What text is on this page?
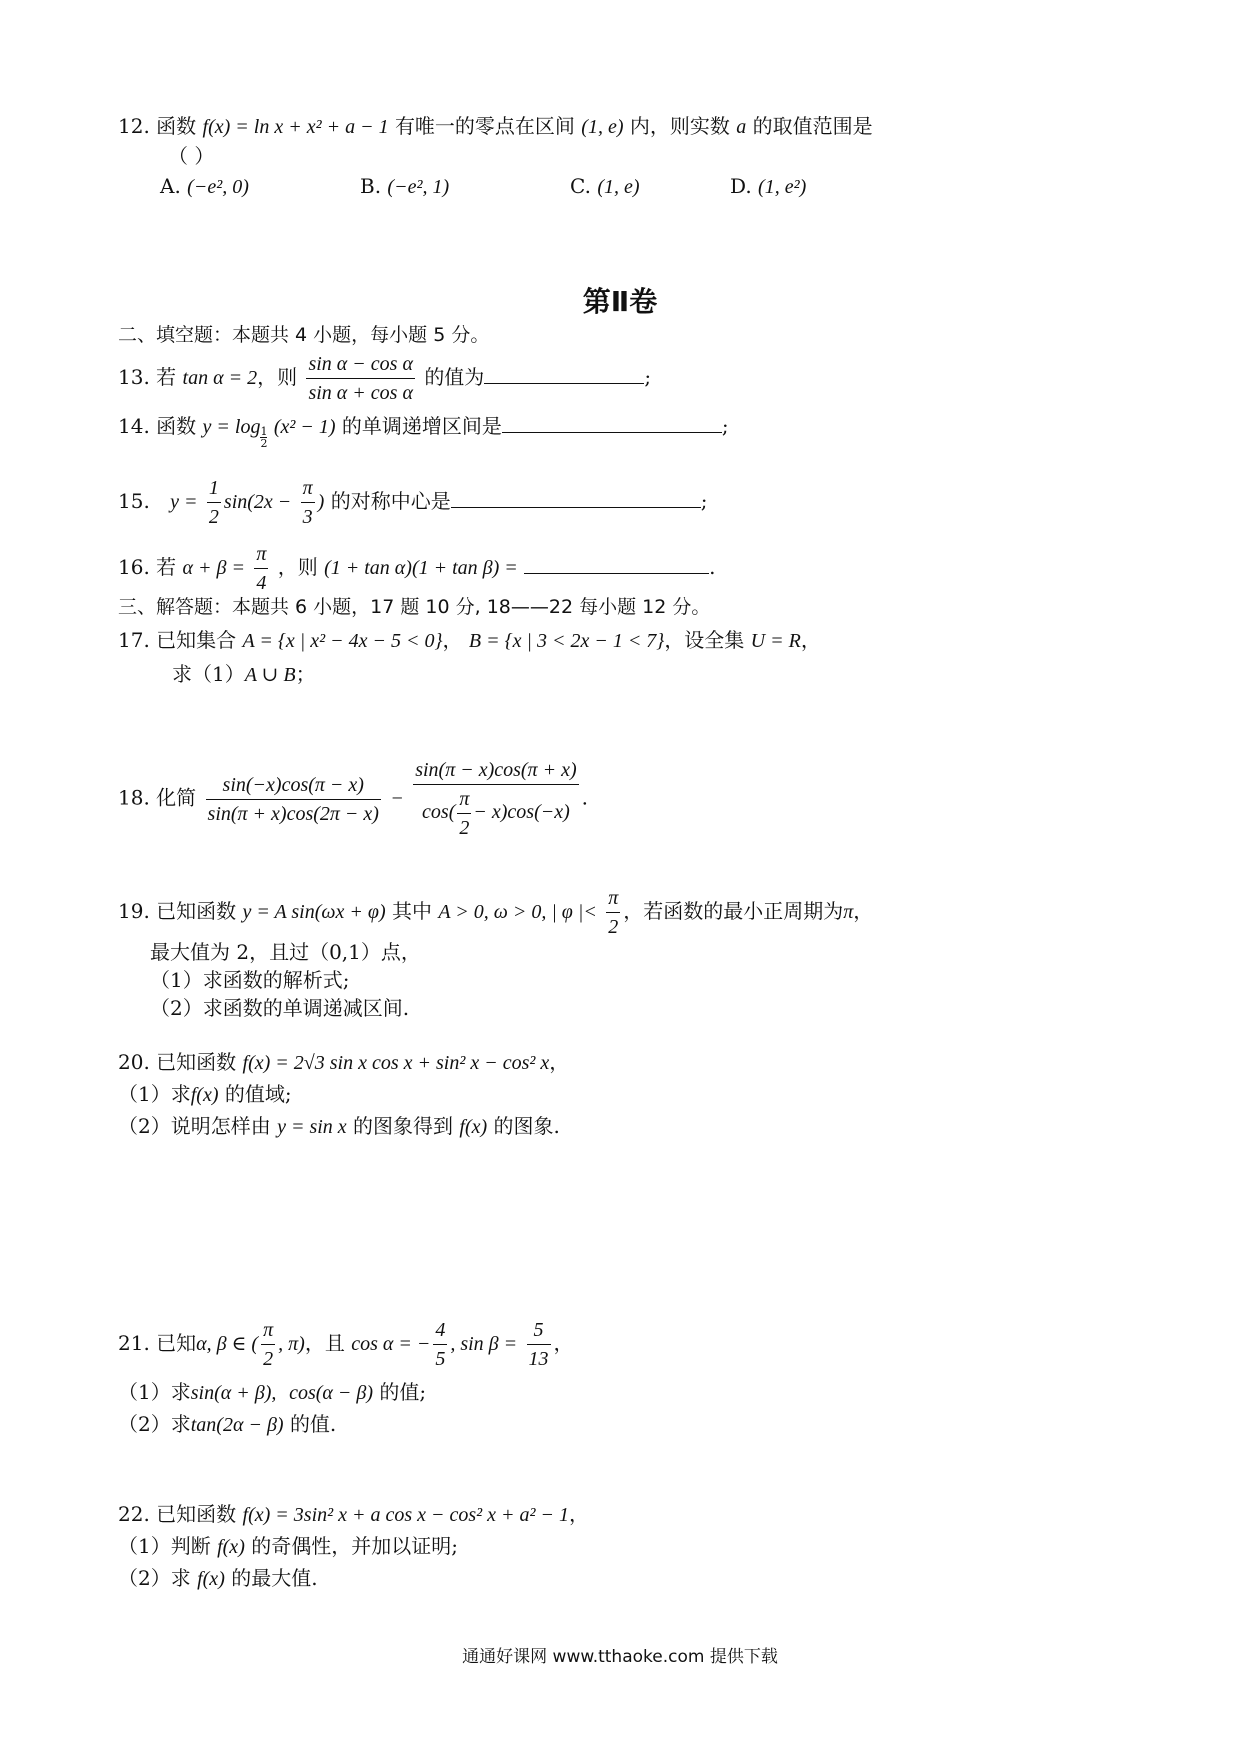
12. 函数 f(x) = ln x + x² + a − 1 有唯一的零点在区间 (1, e) 内，则实数 a 的取值范围是
（ ）
A. (−e², 0)	B. (−e², 1)	C. (1, e)	D. (1, e²)
第Ⅱ卷
二、填空题：本题共 4 小题，每小题 5 分。
13. 若 tan α = 2，则 $\frac{\text{sin α − cos α}}{\text{sin α + cos α}}$ 的值为	;
14. 函数 $y = \log \frac{1}{2} (x^2 - 1)$ 的单调递增区间是	;
15. $y = \frac{1}{2} \sin(2x - \frac{\pi}{3}$ ) 的对称中心是	;
16. 若 $\alpha + \beta = \frac{\pi}{4}$ ，则 (1 + tan α)(1 + tan β) =	.
三、解答题：本题共 6 小题，17 题 10 分, 18——22 每小题 12 分。
17. 已知集合 A = {x | x² − 4x − 5 < 0}， B = {x | 3 < 2x − 1 < 7}，设全集 U = R，
求（1）A ∪ B；
18. 化简 $\frac{\sin(-x)\cos(\pi - x)}{\sin(\pi + x)\cos(2\pi - x)} - \frac{\sin(\pi - x)\cos(\pi + x)}{\cos( \frac{\pi}{2} - x)\cos(-x)}$ .
19. 已知函数 y = A sin(ωx + φ) 其中 A > 0, ω > 0, | φ |< $\frac{\pi}{2}$ ，若函数的最小正周期为π，
最大值为 2，且过（0,1）点，
（1）求函数的解析式;
（2）求函数的单调递减区间.
20. 已知函数 f(x) = 2√3 sin x cos x + sin² x − cos² x，
（1）求f(x) 的值域;
（2）说明怎样由 y = sin x 的图象得到 f(x) 的图象.
21. 已知α, β ∈ ( $\frac{\pi}{2}$ , π)，且 cos α = − $\frac{4}{5}$ , $\sin \beta = \frac{5}{13}$ ，
（1）求sin(α + β), cos(α − β) 的值;
（2）求tan(2α − β) 的值.
22. 已知函数 f(x) = 3sin² x + a cos x − cos² x + a² − 1，
（1）判断 f(x) 的奇偶性，并加以证明;
（2）求 f(x) 的最大值.
通通好课网 www.tthaoke.com 提供下载
